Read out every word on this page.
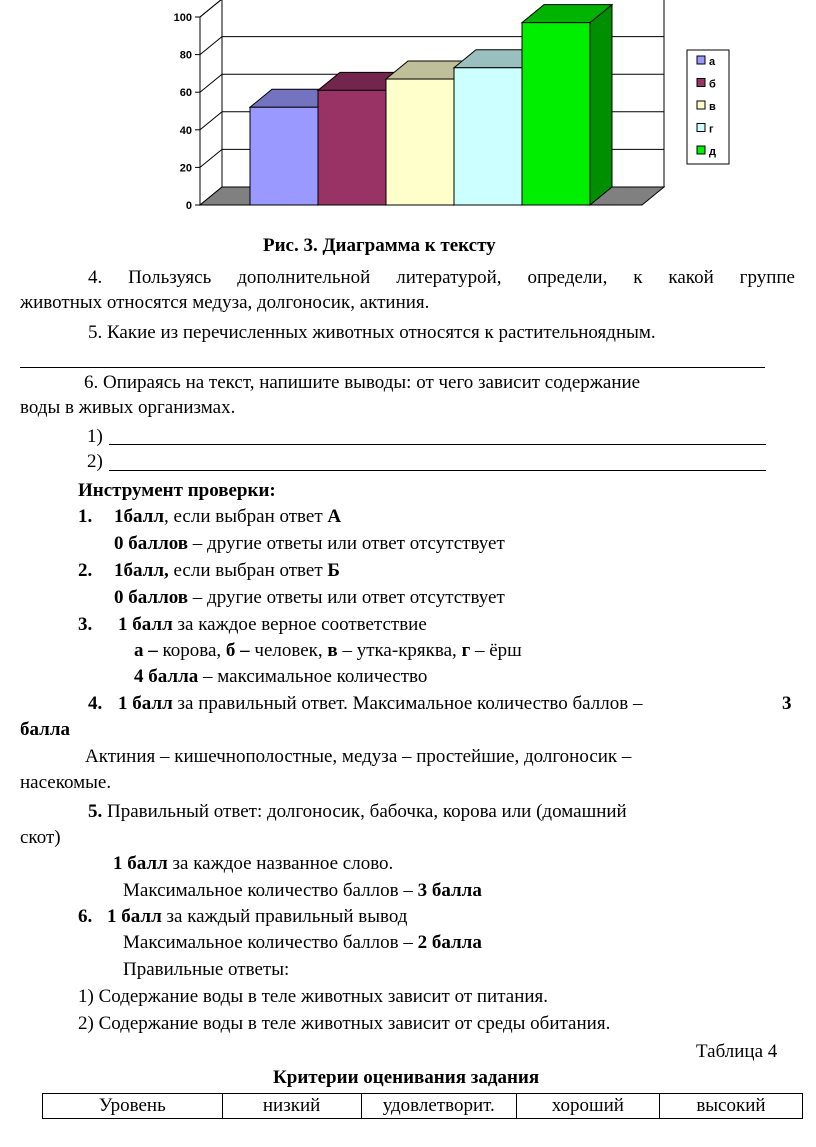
0
20
40
60
80
100
а
б
в
г
д
Рис. 3. Диаграмма к тексту
4. Пользуясь дополнительной литературой, определи, к какой группе
животных относятся медуза, долгоносик, актиния.
5. Какие из перечисленных животных относятся к растительноядным.
6. Опираясь на текст, напишите выводы: от чего зависит содержание
воды в живых организмах.
1)
2)
Инструмент проверки:
1. 1балл, если выбран ответ А
0 баллов – другие ответы или ответ отсутствует
2. 1балл, если выбран ответ Б
0 баллов – другие ответы или ответ отсутствует
3. 1 балл за каждое верное соответствие
а – корова, б – человек, в – утка-кряква, г – ёрш
4 балла – максимальное количество
4. 1 балл за правильный ответ. Максимальное количество баллов –	3
балла
Актиния – кишечнополостные, медуза – простейшие, долгоносик –
насекомые.
5. Правильный ответ: долгоносик, бабочка, корова или (домашний
скот)
1 балл за каждое названное слово.
Максимальное количество баллов – 3 балла
6. 1 балл за каждый правильный вывод
Максимальное количество баллов – 2 балла
Правильные ответы:
1) Содержание воды в теле животных зависит от питания.
2) Содержание воды в теле животных зависит от среды обитания.
Таблица 4
Критерии оценивания задания
Уровень	низкий	удовлетворит.	хороший	высокий
